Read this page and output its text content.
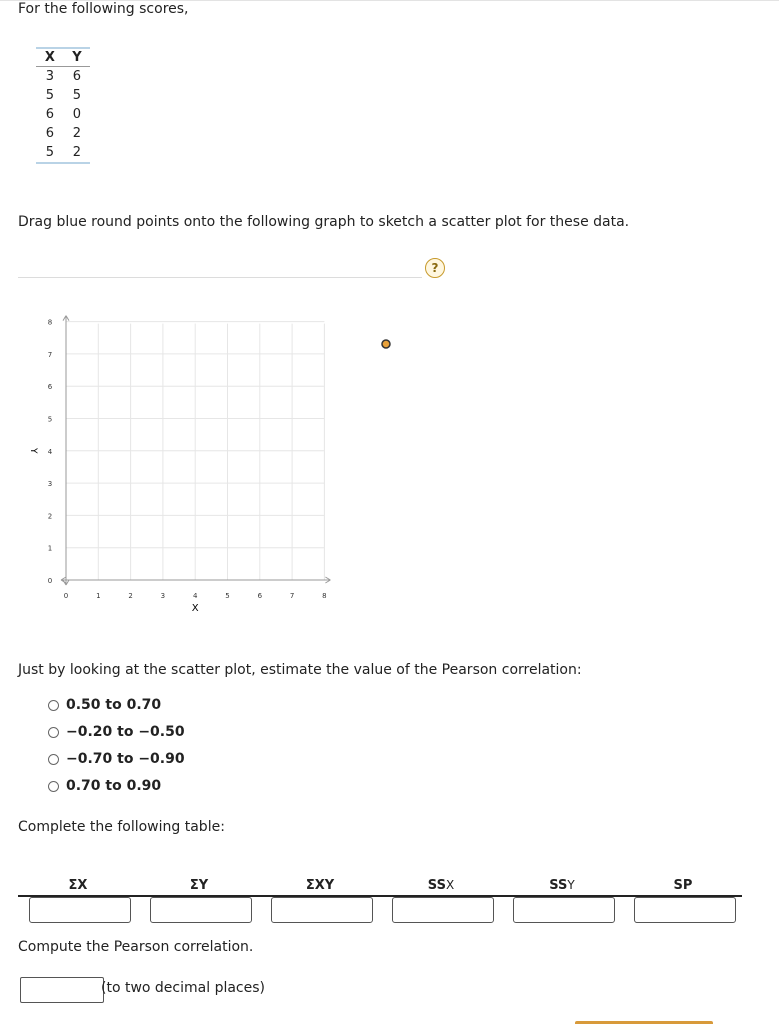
For the following scores,
X	Y
3	6
5	5
6	0
6	2
5	2
Drag blue round points onto the following graph to sketch a scatter plot for these data.
?
0	1	2	3	4	5	6	7	8
0
1
2
3
4
5
6
7
8
X
Y
Just by looking at the scatter plot, estimate the value of the Pearson correlation:
0.50 to 0.70
−0.20 to −0.50
−0.70 to −0.90
0.70 to 0.90
Complete the following table:
ΣX	ΣY	ΣXY	SSX	SSY	SP
Compute the Pearson correlation.
(to two decimal places)
